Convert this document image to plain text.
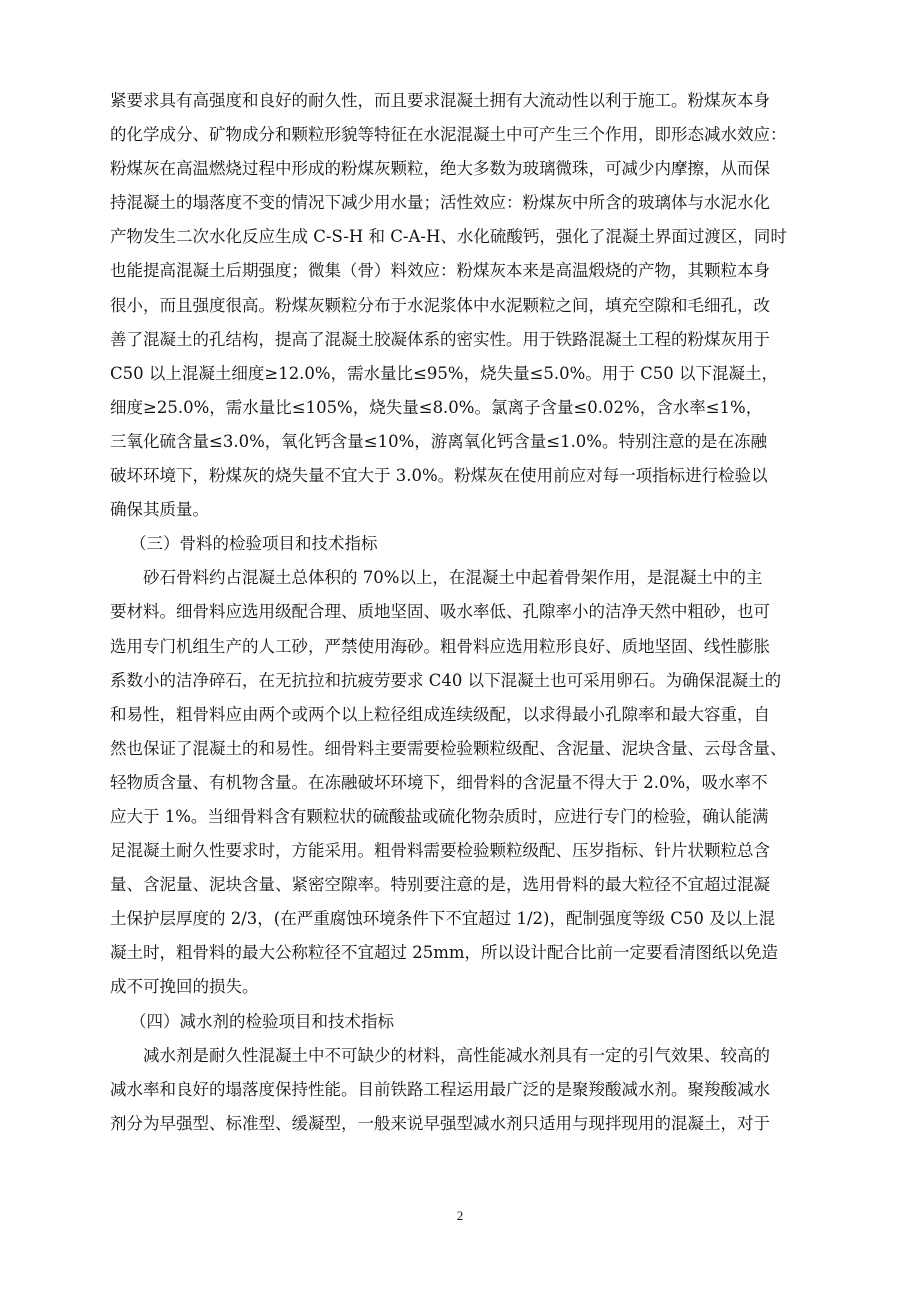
紧要求具有高强度和良好的耐久性，而且要求混凝土拥有大流动性以利于施工。粉煤灰本身
的化学成分、矿物成分和颗粒形貌等特征在水泥混凝土中可产生三个作用，即形态减水效应：
粉煤灰在高温燃烧过程中形成的粉煤灰颗粒，绝大多数为玻璃微珠，可减少内摩擦，从而保
持混凝土的塌落度不变的情况下减少用水量；活性效应：粉煤灰中所含的玻璃体与水泥水化
产物发生二次水化反应生成 C-S-H 和 C-A-H、水化硫酸钙，强化了混凝土界面过渡区，同时
也能提高混凝土后期强度；微集（骨）料效应：粉煤灰本来是高温煅烧的产物，其颗粒本身
很小，而且强度很高。粉煤灰颗粒分布于水泥浆体中水泥颗粒之间，填充空隙和毛细孔，改
善了混凝土的孔结构，提高了混凝土胶凝体系的密实性。用于铁路混凝土工程的粉煤灰用于
C50 以上混凝土细度≥12.0%，需水量比≤95%，烧失量≤5.0%。用于 C50 以下混凝土，
细度≥25.0%，需水量比≤105%，烧失量≤8.0%。氯离子含量≤0.02%，含水率≤1%，
三氧化硫含量≤3.0%，氧化钙含量≤10%，游离氧化钙含量≤1.0%。特别注意的是在冻融
破坏环境下，粉煤灰的烧失量不宜大于 3.0%。粉煤灰在使用前应对每一项指标进行检验以
确保其质量。
（三）骨料的检验项目和技术指标
砂石骨料约占混凝土总体积的 70%以上，在混凝土中起着骨架作用，是混凝土中的主
要材料。细骨料应选用级配合理、质地坚固、吸水率低、孔隙率小的洁净天然中粗砂，也可
选用专门机组生产的人工砂，严禁使用海砂。粗骨料应选用粒形良好、质地坚固、线性膨胀
系数小的洁净碎石，在无抗拉和抗疲劳要求 C40 以下混凝土也可采用卵石。为确保混凝土的
和易性，粗骨料应由两个或两个以上粒径组成连续级配，以求得最小孔隙率和最大容重，自
然也保证了混凝土的和易性。细骨料主要需要检验颗粒级配、含泥量、泥块含量、云母含量、
轻物质含量、有机物含量。在冻融破坏环境下，细骨料的含泥量不得大于 2.0%，吸水率不
应大于 1%。当细骨料含有颗粒状的硫酸盐或硫化物杂质时，应进行专门的检验，确认能满
足混凝土耐久性要求时，方能采用。粗骨料需要检验颗粒级配、压岁指标、针片状颗粒总含
量、含泥量、泥块含量、紧密空隙率。特别要注意的是，选用骨料的最大粒径不宜超过混凝
土保护层厚度的 2/3，(在严重腐蚀环境条件下不宜超过 1/2)，配制强度等级 C50 及以上混
凝土时，粗骨料的最大公称粒径不宜超过 25mm，所以设计配合比前一定要看清图纸以免造
成不可挽回的损失。
（四）减水剂的检验项目和技术指标
减水剂是耐久性混凝土中不可缺少的材料，高性能减水剂具有一定的引气效果、较高的
减水率和良好的塌落度保持性能。目前铁路工程运用最广泛的是聚羧酸减水剂。聚羧酸减水
剂分为早强型、标准型、缓凝型，一般来说早强型减水剂只适用与现拌现用的混凝土，对于
2
